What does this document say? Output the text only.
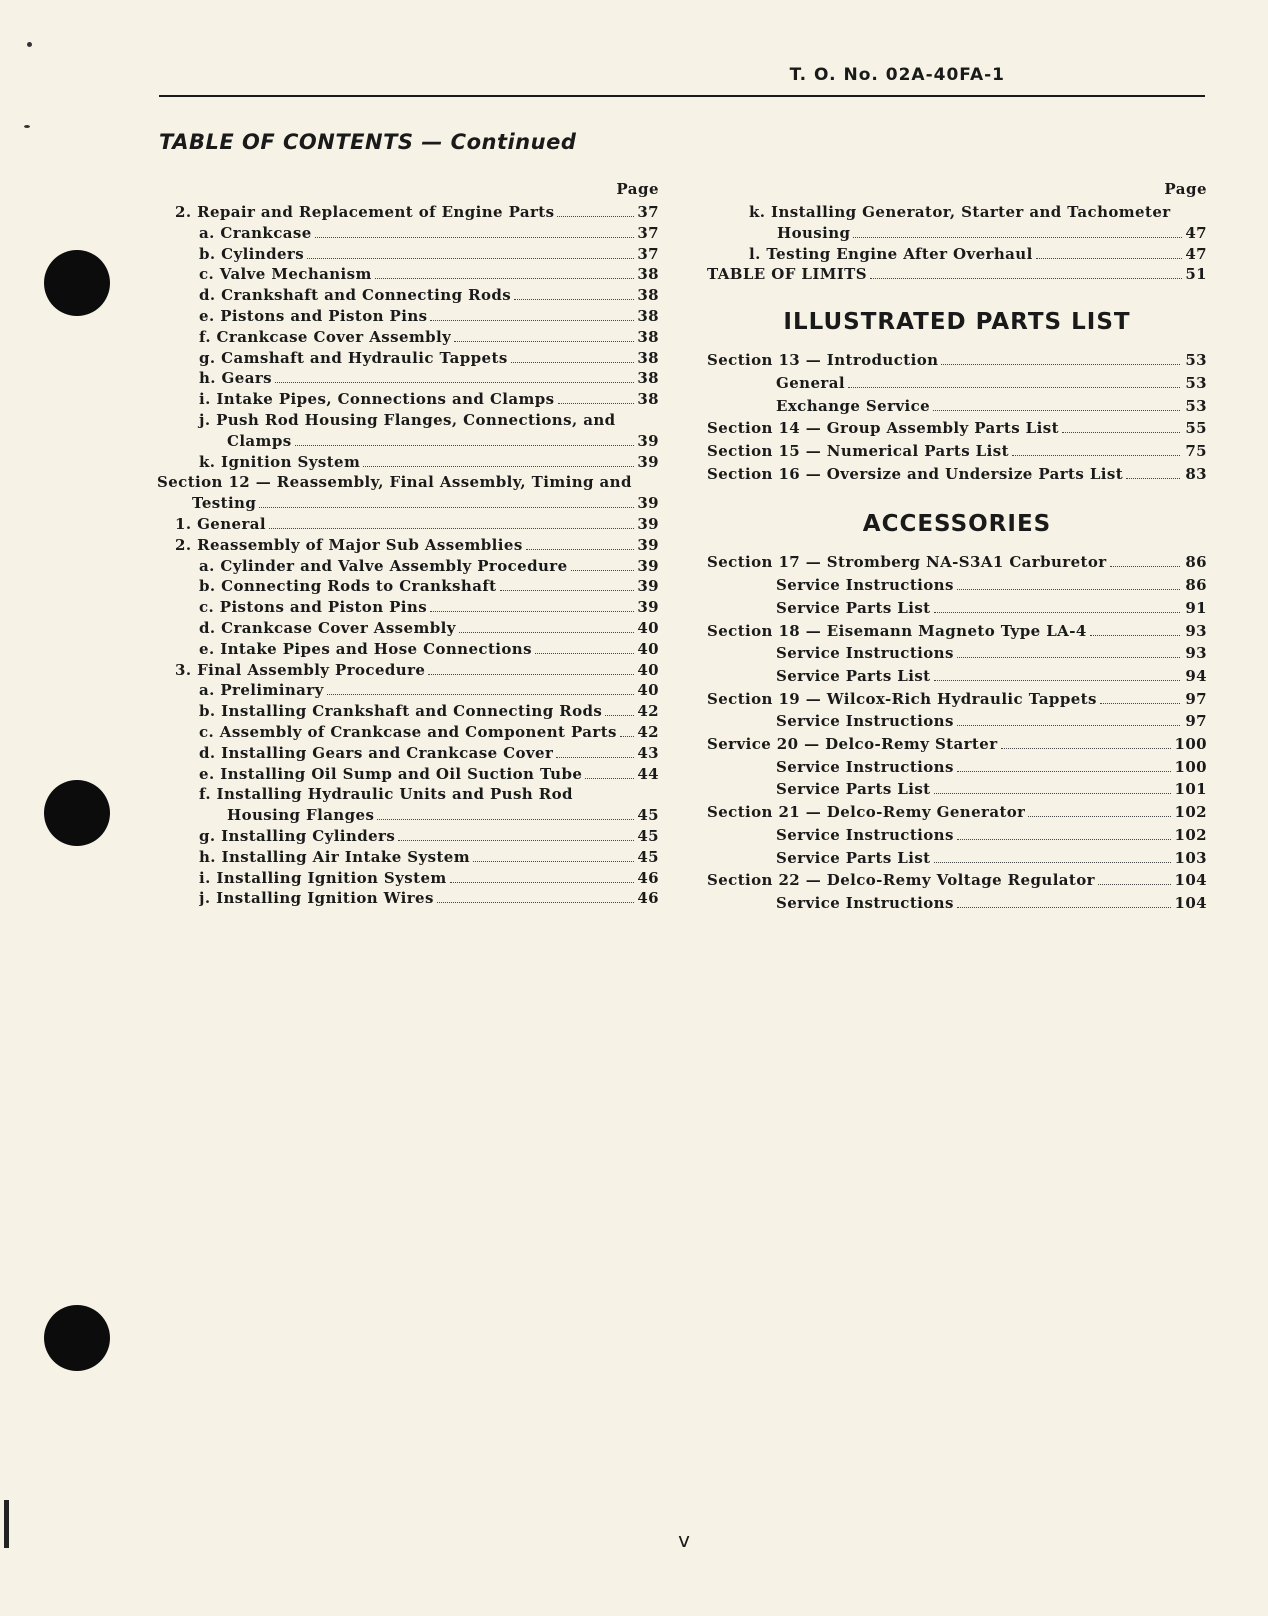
T. O. No. 02A-40FA-1
TABLE OF CONTENTS — Continued
Page
2. Repair and Replacement of Engine Parts	37
a. Crankcase	37
b. Cylinders	37
c. Valve Mechanism	38
d. Crankshaft and Connecting Rods	38
e. Pistons and Piston Pins	38
f. Crankcase Cover Assembly	38
g. Camshaft and Hydraulic Tappets	38
h. Gears	38
i. Intake Pipes, Connections and Clamps	38
j. Push Rod Housing Flanges, Connections, and
Clamps	39
k. Ignition System	39
Section 12 — Reassembly, Final Assembly, Timing and
Testing	39
1. General	39
2. Reassembly of Major Sub Assemblies	39
a. Cylinder and Valve Assembly Procedure	39
b. Connecting Rods to Crankshaft	39
c. Pistons and Piston Pins	39
d. Crankcase Cover Assembly	40
e. Intake Pipes and Hose Connections	40
3. Final Assembly Procedure	40
a. Preliminary	40
b. Installing Crankshaft and Connecting Rods 42
c. Assembly of Crankcase and Component Parts 42
d. Installing Gears and Crankcase Cover	43
e. Installing Oil Sump and Oil Suction Tube	44
f. Installing Hydraulic Units and Push Rod
Housing Flanges	45
g. Installing Cylinders	45
h. Installing Air Intake System	45
i. Installing Ignition System	46
j. Installing Ignition Wires	46
Page
k. Installing Generator, Starter and Tachometer
Housing	47
l. Testing Engine After Overhaul	47
TABLE OF LIMITS	51
ILLUSTRATED PARTS LIST
Section 13 — Introduction	53
General	53
Exchange Service	53
Section 14 — Group Assembly Parts List	55
Section 15 — Numerical Parts List	75
Section 16 — Oversize and Undersize Parts List	83
ACCESSORIES
Section 17 — Stromberg NA-S3A1 Carburetor	86
Service Instructions	86
Service Parts List	91
Section 18 — Eisemann Magneto Type LA-4	93
Service Instructions	93
Service Parts List	94
Section 19 — Wilcox-Rich Hydraulic Tappets	97
Service Instructions	97
Service 20 — Delco-Remy Starter	100
Service Instructions	100
Service Parts List	101
Section 21 — Delco-Remy Generator	102
Service Instructions	102
Service Parts List	103
Section 22 — Delco-Remy Voltage Regulator	104
Service Instructions	104
v
